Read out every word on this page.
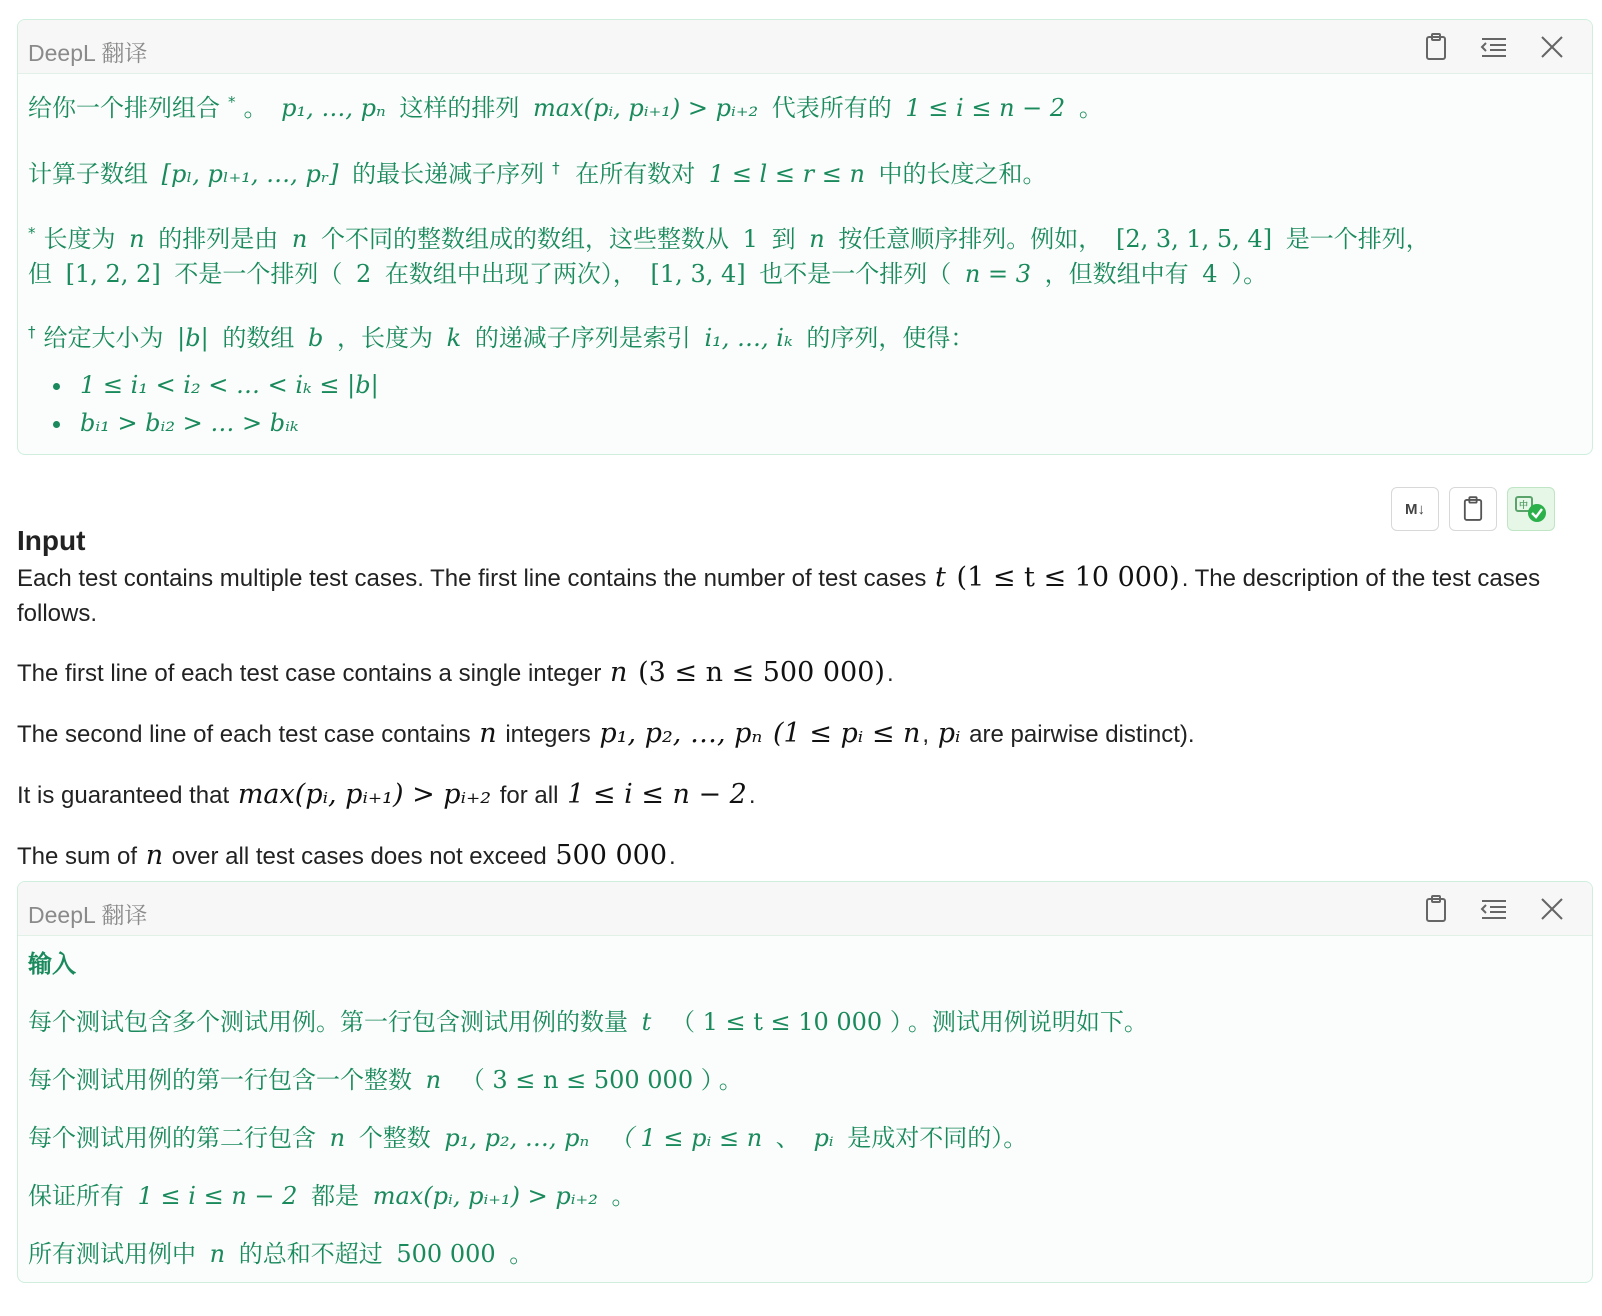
DeepL 翻译

给你一个排列组合 * 。 p₁, …, pₙ 这样的排列 max(pᵢ, pᵢ₊₁) > pᵢ₊₂ 代表所有的 1 ≤ i ≤ n − 2 。

计算子数组 [pₗ, pₗ₊₁, …, pᵣ] 的最长递减子序列 † 在所有数对 1 ≤ l ≤ r ≤ n 中的长度之和。

* 长度为 n 的排列是由 n 个不同的整数组成的数组，这些整数从 1 到 n 按任意顺序排列。例如， [2, 3, 1, 5, 4] 是一个排列，
但 [1, 2, 2] 不是一个排列（ 2 在数组中出现了两次）， [1, 3, 4] 也不是一个排列（ n = 3 ，但数组中有 4 ）。

† 给定大小为 |b| 的数组 b ，长度为 k 的递减子序列是索引 i₁, …, iₖ 的序列，使得：

• 1 ≤ i₁ < i₂ < … < iₖ ≤ |b|
• bᵢ₁ > bᵢ₂ > … > bᵢₖ
M↓	中
Input

Each test contains multiple test cases. The first line contains the number of test cases t (1 ≤ t ≤ 10 000). The description of the test cases follows.

The first line of each test case contains a single integer n (3 ≤ n ≤ 500 000).

The second line of each test case contains n integers p₁, p₂, …, pₙ (1 ≤ pᵢ ≤ n, pᵢ are pairwise distinct).

It is guaranteed that max(pᵢ, pᵢ₊₁) > pᵢ₊₂ for all 1 ≤ i ≤ n − 2.

The sum of n over all test cases does not exceed 500 000.

DeepL 翻译

输入

每个测试包含多个测试用例。第一行包含测试用例的数量 t （ 1 ≤ t ≤ 10 000 ） 。测试用例说明如下。

每个测试用例的第一行包含一个整数 n （ 3 ≤ n ≤ 500 000 ） 。

每个测试用例的第二行包含 n 个整数 p₁, p₂, …, pₙ （ 1 ≤ pᵢ ≤ n 、 pᵢ 是成对不同的）。

保证所有 1 ≤ i ≤ n − 2 都是 max(pᵢ, pᵢ₊₁) > pᵢ₊₂ 。

所有测试用例中 n 的总和不超过 500 000 。
